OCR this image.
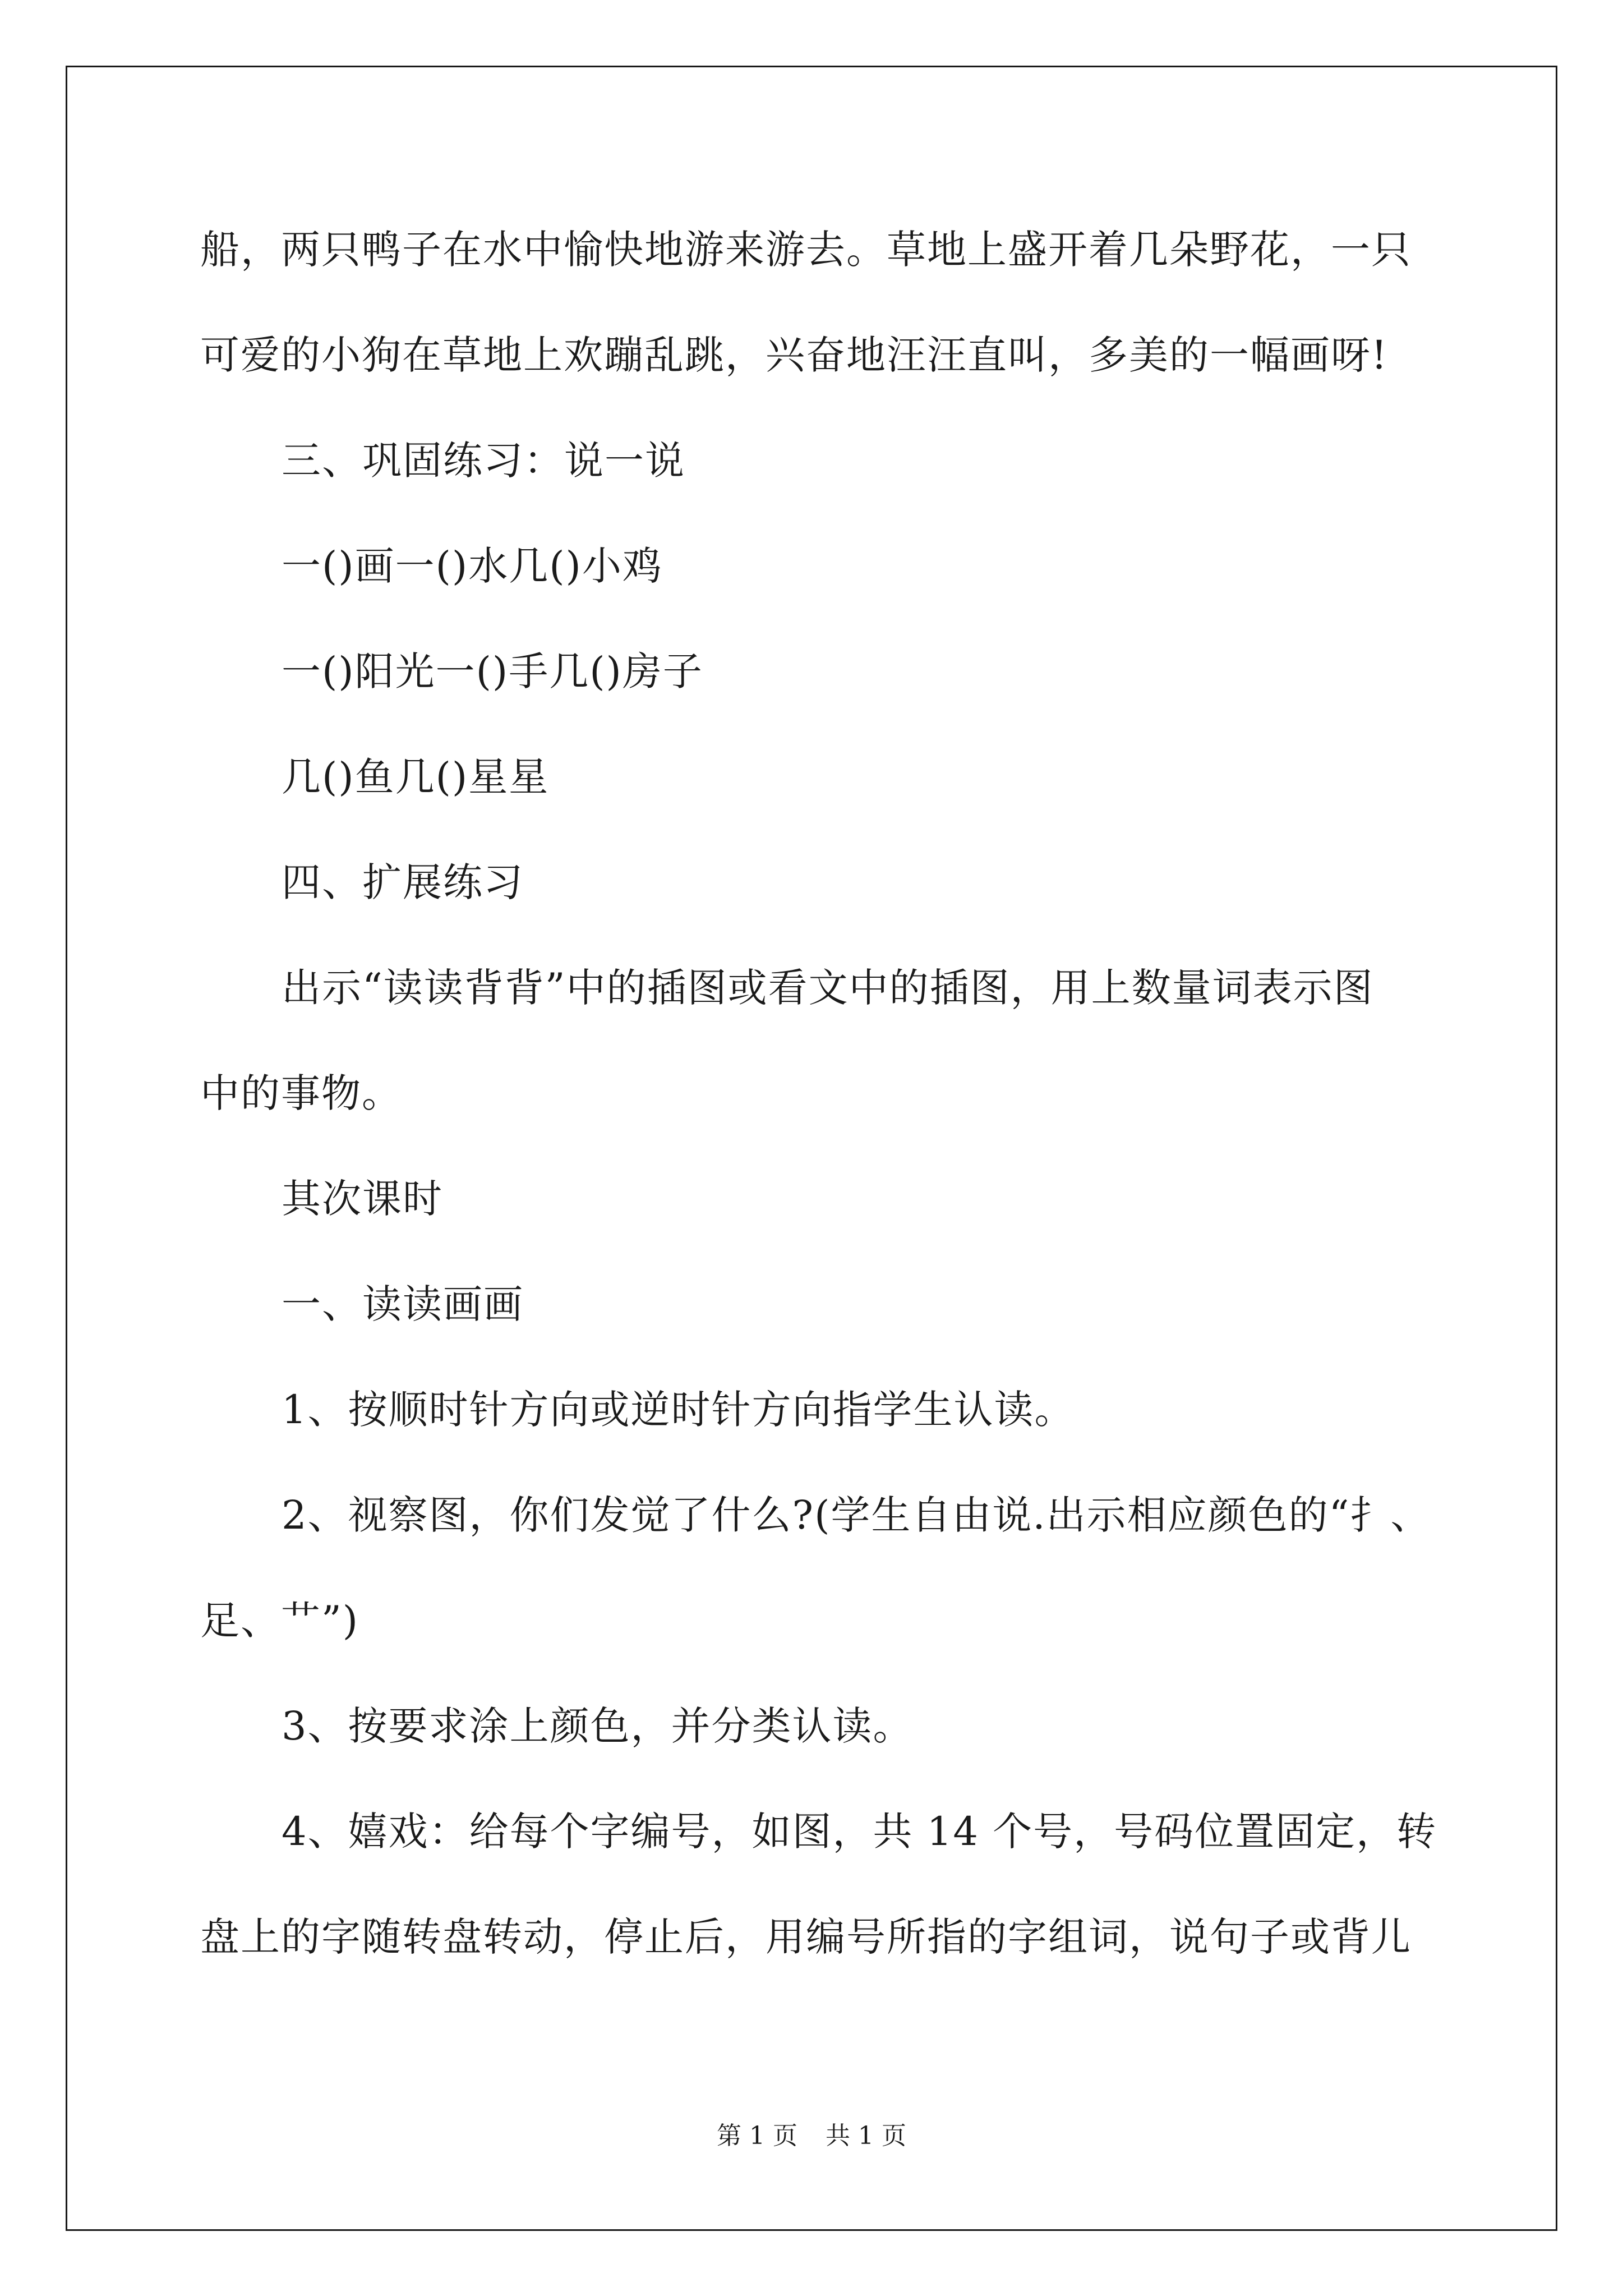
船，两只鸭子在水中愉快地游来游去。草地上盛开着几朵野花，一只
可爱的小狗在草地上欢蹦乱跳，兴奋地汪汪直叫，多美的一幅画呀!
三、巩固练习：说一说
一()画一()水几()小鸡
一()阳光一()手几()房子
几()鱼几()星星
四、扩展练习
出示“读读背背”中的插图或看文中的插图，用上数量词表示图
中的事物。
其次课时
一、读读画画
1、按顺时针方向或逆时针方向指学生认读。
2、视察图，你们发觉了什么?(学生自由说.出示相应颜色的“扌、
足、艹”)
3、按要求涂上颜色，并分类认读。
4、嬉戏：给每个字编号，如图，共 14 个号，号码位置固定，转
盘上的字随转盘转动，停止后，用编号所指的字组词，说句子或背儿
第 1 页 共 1 页
